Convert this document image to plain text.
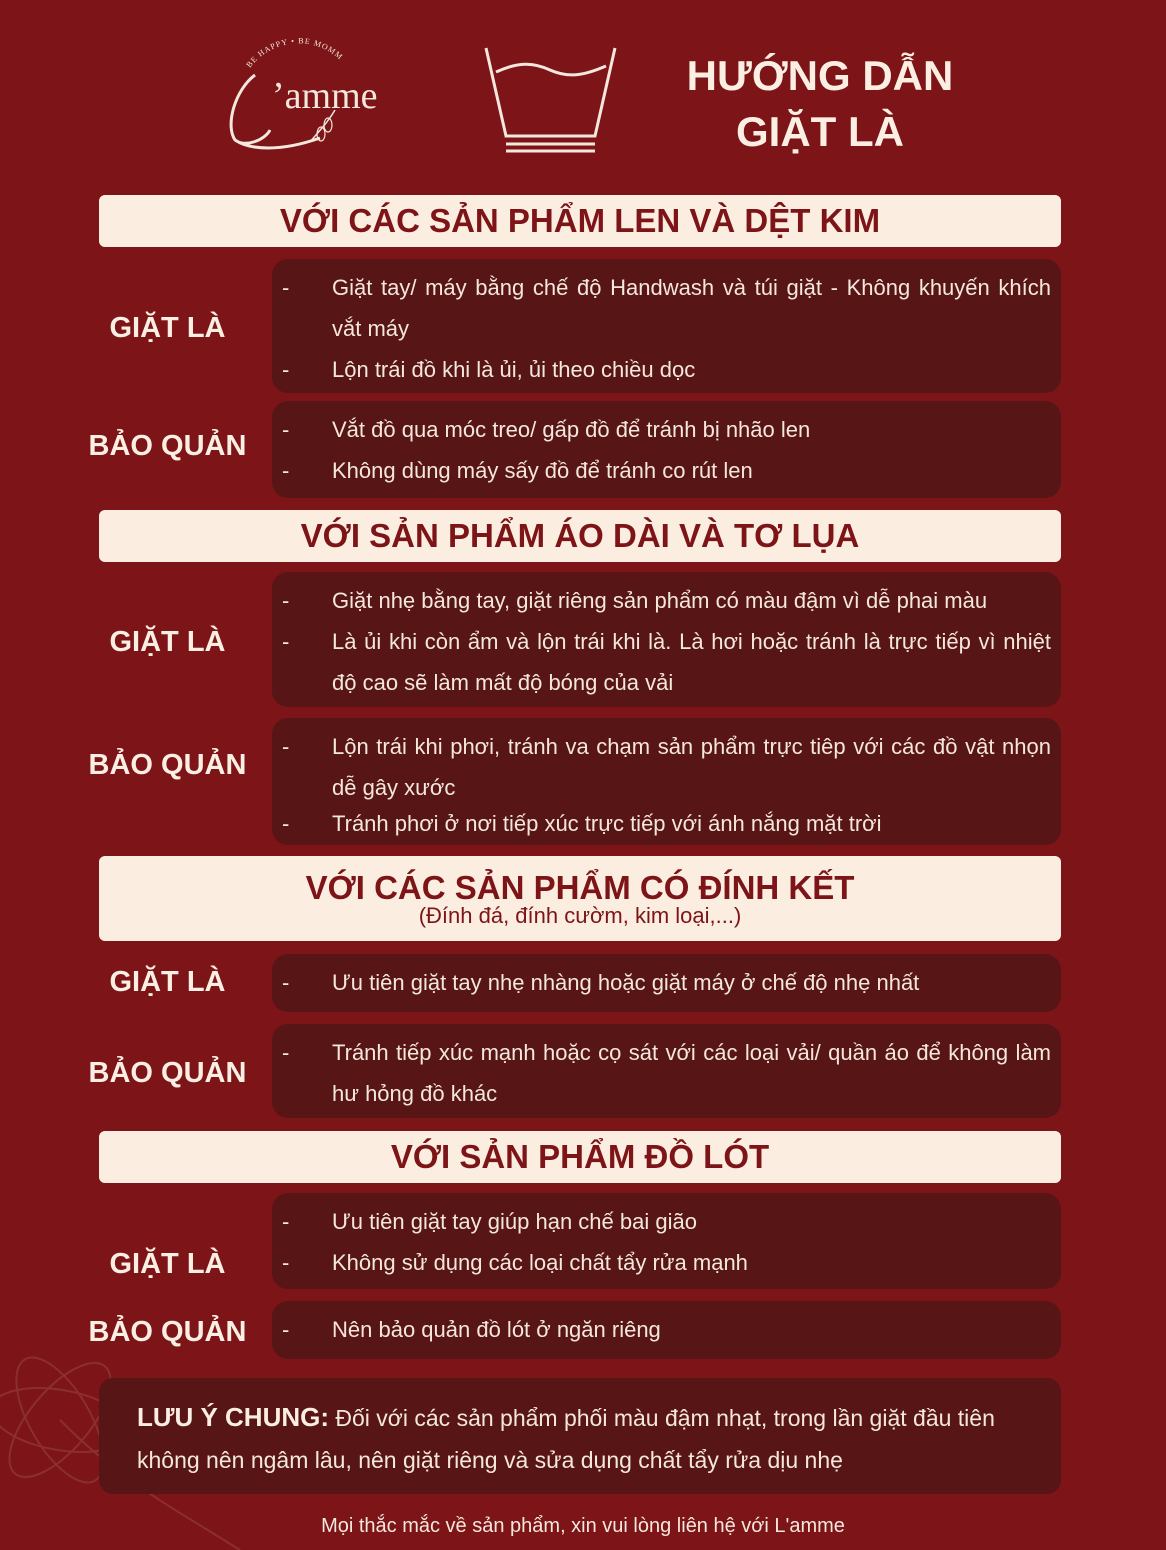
BE HAPPY • BE MOMM
’amme	HƯỚNG DẪN
GIẶT LÀ
VỚI CÁC SẢN PHẨM LEN VÀ DỆT KIM
GIẶT LÀ
-	Giặt tay/ máy bằng chế độ Handwash và túi giặt - Không khuyến khích vắt máy
-	Lộn trái đồ khi là ủi, ủi theo chiều dọc
BẢO QUẢN
-	Vắt đồ qua móc treo/ gấp đồ để tránh bị nhão len
-	Không dùng máy sấy đồ để tránh co rút len
VỚI SẢN PHẨM ÁO DÀI VÀ TƠ LỤA
GIẶT LÀ
-	Giặt nhẹ bằng tay, giặt riêng sản phẩm có màu đậm vì dễ phai màu
-	Là ủi khi còn ẩm và lộn trái khi là. Là hơi hoặc tránh là trực tiếp vì nhiệt độ cao sẽ làm mất độ bóng của vải
BẢO QUẢN
-	Lộn trái khi phơi, tránh va chạm sản phẩm trực tiêp với các đồ vật nhọn dễ gây xước
-	Tránh phơi ở nơi tiếp xúc trực tiếp với ánh nắng mặt trời
VỚI CÁC SẢN PHẨM CÓ ĐÍNH KẾT
(Đính đá, đính cườm, kim loại,...)
GIẶT LÀ	-	Ưu tiên giặt tay nhẹ nhàng hoặc giặt máy ở chế độ nhẹ nhất
BẢO QUẢN
-	Tránh tiếp xúc mạnh hoặc cọ sát với các loại vải/ quần áo để không làm hư hỏng đồ khác
VỚI SẢN PHẨM ĐỒ LÓT
GIẶT LÀ
-	Ưu tiên giặt tay giúp hạn chế bai gião
-	Không sử dụng các loại chất tẩy rửa mạnh
BẢO QUẢN	-	Nên bảo quản đồ lót ở ngăn riêng
LƯU Ý CHUNG: Đối với các sản phẩm phối màu đậm nhạt, trong lần giặt đầu tiên không nên ngâm lâu, nên giặt riêng và sửa dụng chất tẩy rửa dịu nhẹ
Mọi thắc mắc về sản phẩm, xin vui lòng liên hệ với L'amme
